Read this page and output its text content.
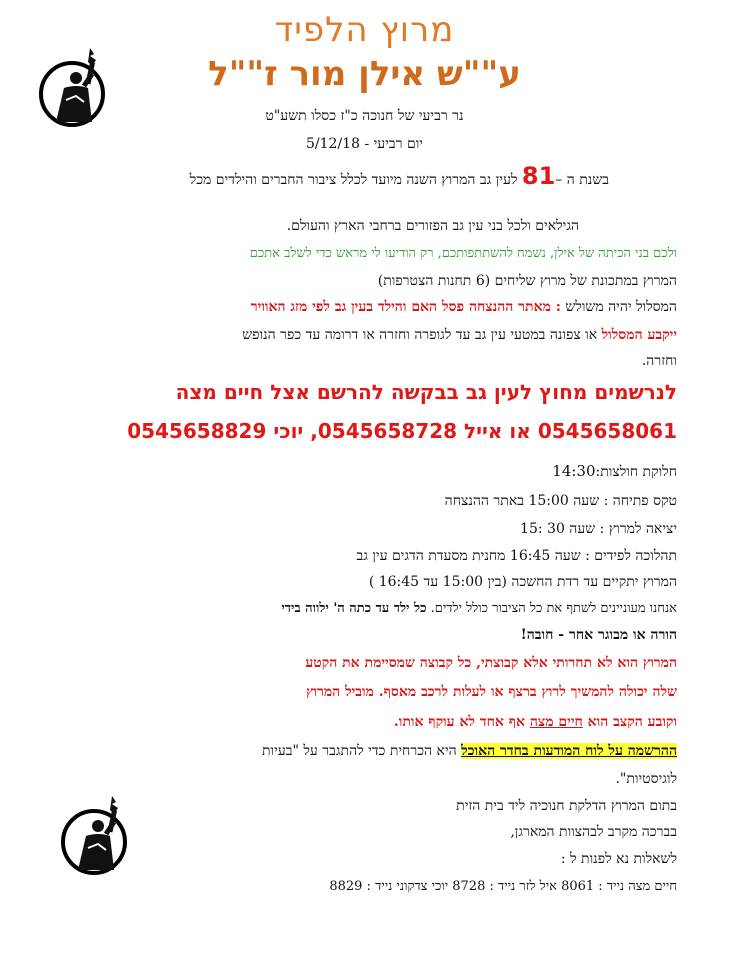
מרוץ הלפיד
ע""ש אילן מור ז""ל
נר רביעי של חנוכה כ"ז כסלו תשע"ט
יום רביעי - 5/12/18
בשנת ה –81 לעין גב המרוץ השנה מיועד לכלל ציבור החברים והילדים מכל
הגילאים ולכל בני עין גב הפזורים ברחבי הארץ והעולם.
ולכם בני הכיתה של אילן, נשמח להשתתפותכם, רק הודיעו לי מראש כדי לשלב אתכם
המרוץ במתכונת של מרוץ שליחים (6 תחנות הצטרפות)
המסלול יהיה משולש : מאתר ההנצחה פסל האם והילד בעין גב לפי מזג האוויר
ייקבע המסלול או צפונה במטעי עין גב עד לגופרה וחזרה או דרומה עד כפר הנופש
וחזרה.
לנרשמים מחוץ לעין גב בבקשה להרשם אצל חיים מצה
0545658061 או אייל 0545658728, יוכי 0545658829
חלוקת חולצות:14:30
טקס פתיחה : שעה 15:00 באתר ההנצחה
יציאה למרוץ : שעה 30 :15
תהלוכה לפידים : שעה 16:45 מחנית מסעדת הדגים עין גב
המרוץ יתקיים עד רדת החשכה (בין 15:00 עד 16:45 )
אנחנו מעוניינים לשתף את כל הציבור כולל ילדים. כל ילד עד כתה ה' ילווה בידי
הורה או מבוגר אחר - חובה!
המרוץ הוא לא תחרותי אלא קבוצתי, כל קבוצה שמסיימת את הקטע
שלה יכולה להמשיך לרוץ ברצף או לעלות לרכב מאסף. מוביל המרוץ
וקובע הקצב הוא חיים מצה אף אחד לא עוקף אותו.
ההרשמה על לוח המודעות בחדר האוכל היא הכרחית כדי להתגבר על "בעיות
לוגיסטיות".
בתום המרוץ הדלקת חנוכיה ליד בית הזית
בברכה מקרב לבהצוות המארגן,
לשאלות נא לפנות ל :
חיים מצה נייד : 8061 איל לזר נייד : 8728 יוכי צדקוני נייד : 8829
